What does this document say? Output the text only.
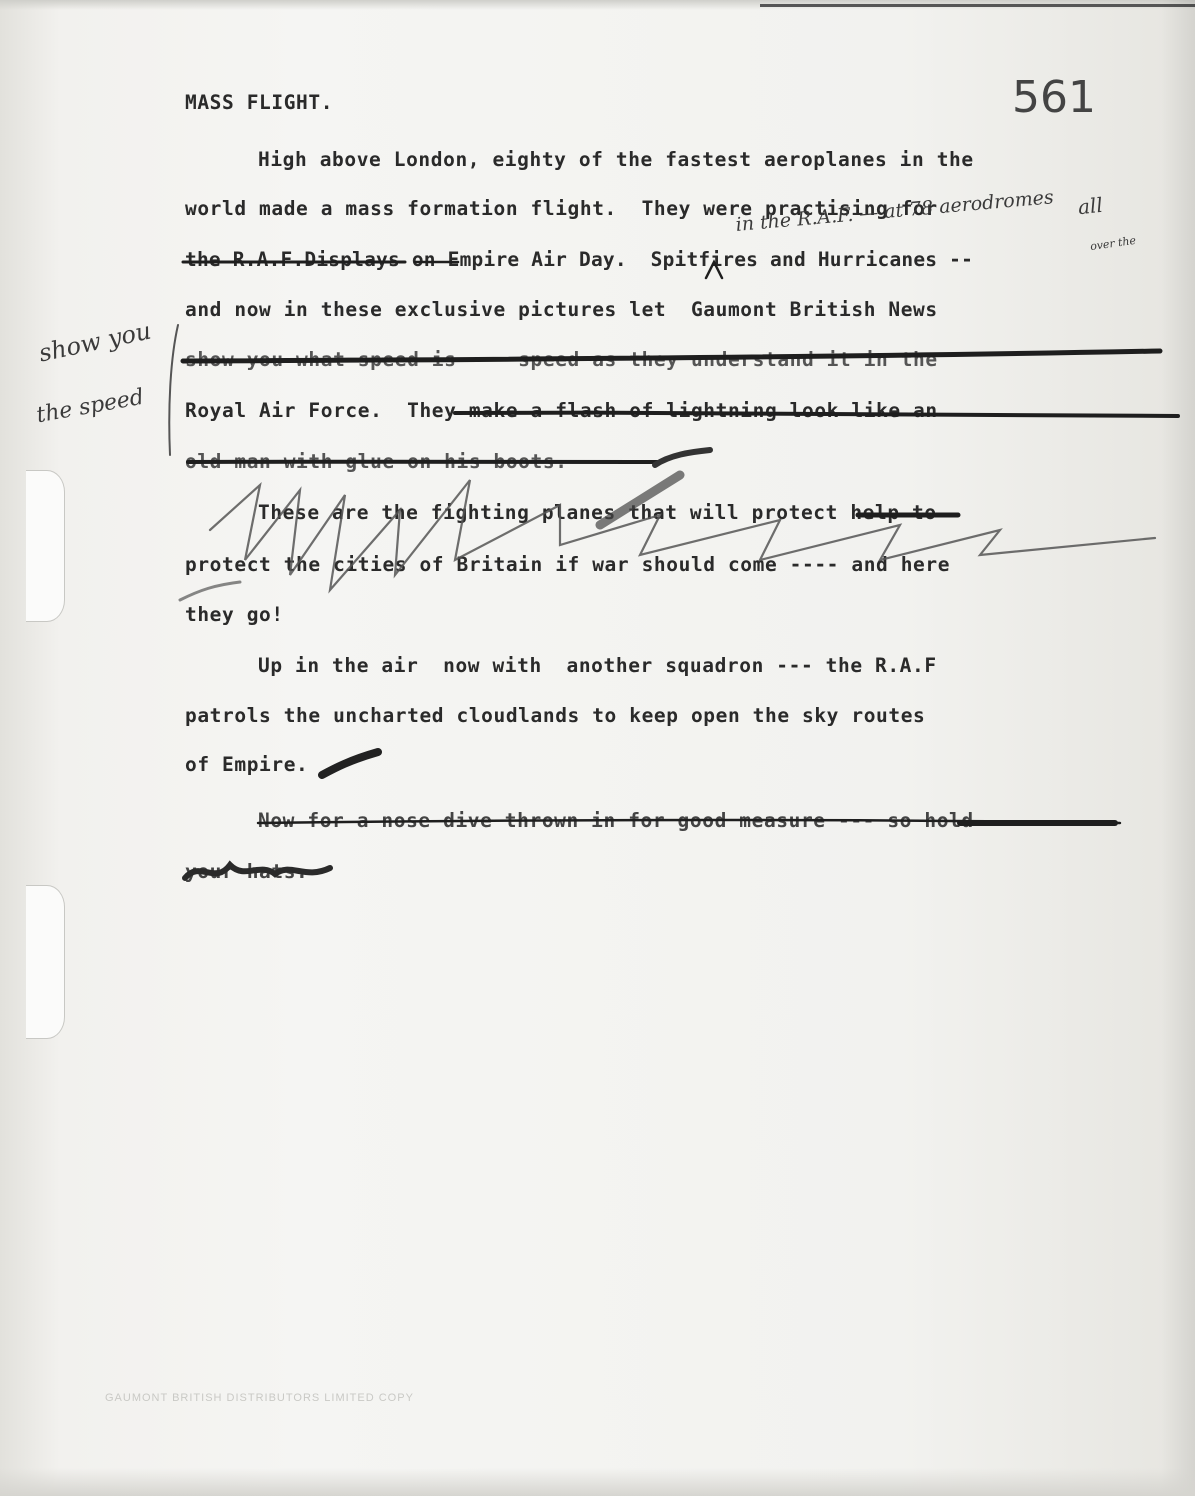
561
MASS FLIGHT.
High above London, eighty of the fastest aeroplanes in the
world made a mass formation flight.  They were practising for
the R.A.F.Displays on Empire Air Day.  Spitfires and Hurricanes --
and now in these exclusive pictures let  Gaumont British News
show you what speed is --- speed as they understand it in the
Royal Air Force.  They make a flash of lightning look like an
old man with glue on his boots.
These are the fighting planes that will protect help to
protect the cities of Britain if war should come ---- and here
they go!
Up in the air  now with  another squadron --- the R.A.F
patrols the uncharted cloudlands to keep open the sky routes
of Empire.
Now for a nose dive thrown in for good measure --- so hold
your hats.
all
in the R.A.F. — at 78 aerodromes
over the
show you
the speed
GAUMONT BRITISH DISTRIBUTORS LIMITED COPY
